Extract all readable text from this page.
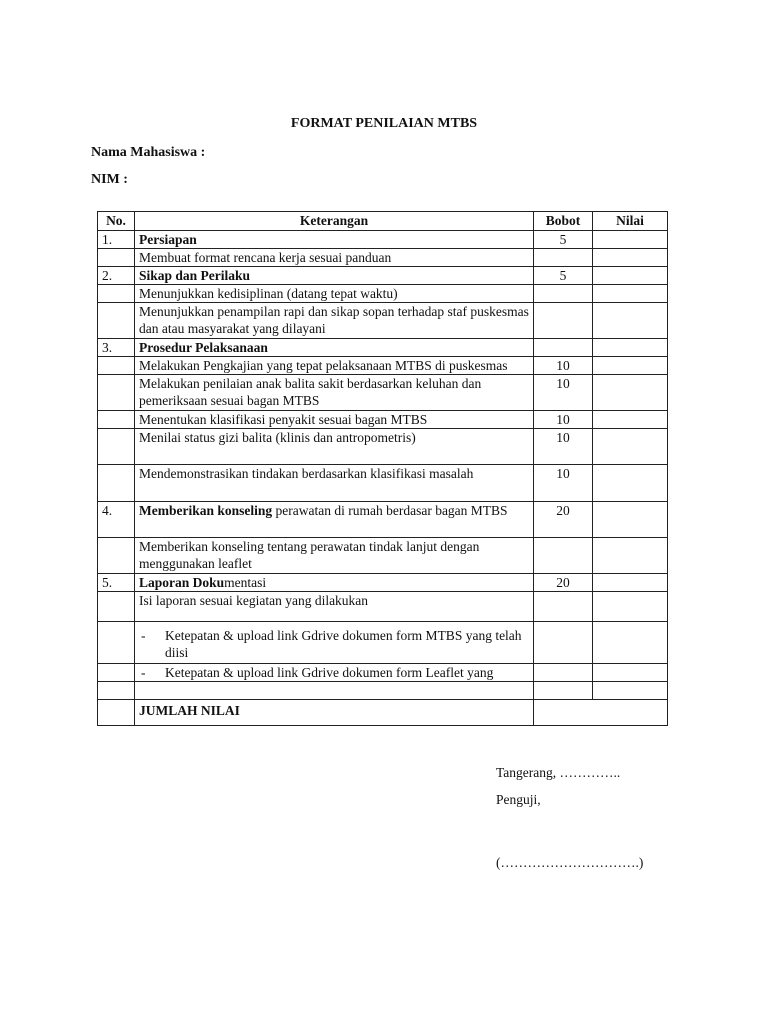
FORMAT PENILAIAN MTBS
Nama Mahasiswa :
NIM :
No.	Keterangan	Bobot	Nilai
1.	Persiapan	5	
	Membuat format rencana kerja sesuai panduan		
2.	Sikap dan Perilaku	5	
	Menunjukkan kedisiplinan (datang tepat waktu)		
	Menunjukkan penampilan rapi dan sikap sopan terhadap staf puskesmas dan atau masyarakat yang dilayani		
3.	Prosedur Pelaksanaan		
	Melakukan Pengkajian yang tepat pelaksanaan MTBS di puskesmas	10	
	Melakukan penilaian anak balita sakit berdasarkan keluhan dan pemeriksaan sesuai bagan MTBS	10	
	Menentukan klasifikasi penyakit sesuai bagan MTBS	10	
	Menilai status gizi balita (klinis dan antropometris)	10	
	Mendemonstrasikan tindakan berdasarkan klasifikasi masalah	10	
4.	Memberikan konseling perawatan di rumah berdasar bagan MTBS	20	
	Memberikan konseling tentang perawatan tindak lanjut dengan menggunakan leaflet		
5.	Laporan Dokumentasi	20	
	Isi laporan sesuai kegiatan yang dilakukan		

	- Ketepatan & upload link Gdrive dokumen form MTBS yang telah diisi		

	- Ketepatan & upload link Gdrive dokumen form Leaflet yang		

	JUMLAH NILAI		
Tangerang, …………..
Penguji,
(………………………….)
